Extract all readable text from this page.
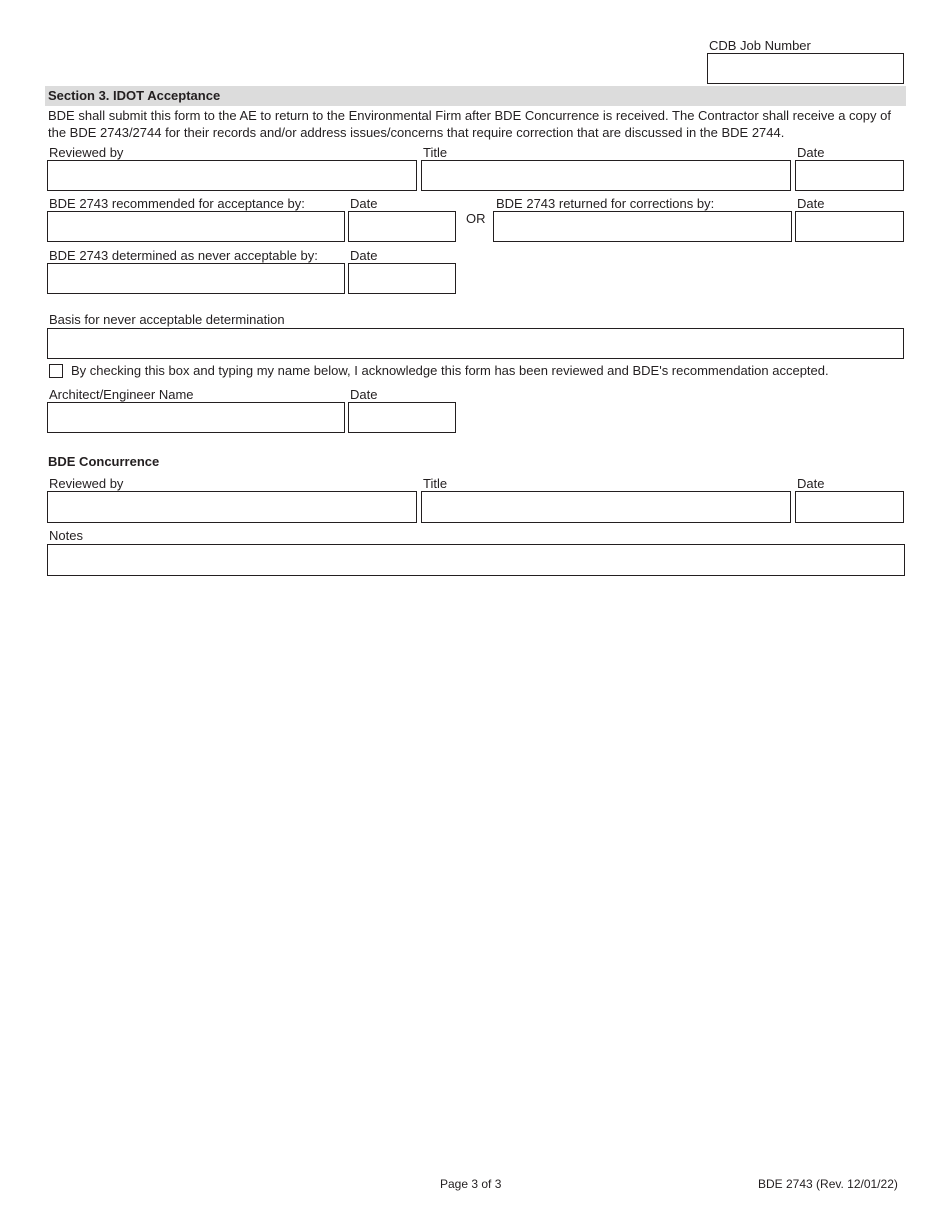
CDB Job Number
Section 3. IDOT Acceptance
BDE shall submit this form to the AE to return to the Environmental Firm after BDE Concurrence is received. The Contractor shall receive a copy of the BDE 2743/2744 for their records and/or address issues/concerns that require correction that are discussed in the BDE 2744.
Reviewed by	Title	Date
BDE 2743 recommended for acceptance by:	Date
OR
BDE 2743 returned for corrections by:	Date
BDE 2743 determined as never acceptable by: Date
Basis for never acceptable determination
By checking this box and typing my name below, I acknowledge this form has been reviewed and BDE's recommendation accepted.
Architect/Engineer Name	Date
BDE Concurrence
Reviewed by	Title	Date
Notes
Page 3 of 3	BDE 2743 (Rev. 12/01/22)
